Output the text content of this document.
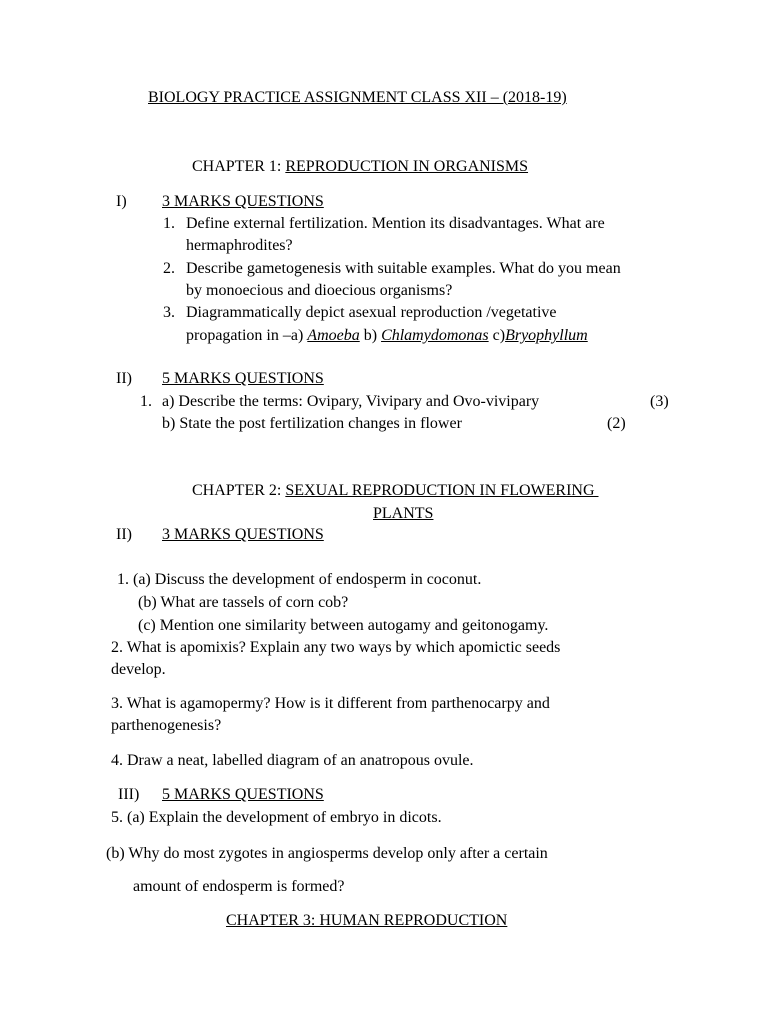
BIOLOGY PRACTICE ASSIGNMENT CLASS XII – (2018-19)
CHAPTER 1: REPRODUCTION IN ORGANISMS
I) 3 MARKS QUESTIONS
1. Define external fertilization. Mention its disadvantages. What are
hermaphrodites?
2. Describe gametogenesis with suitable examples. What do you mean
by monoecious and dioecious organisms?
3. Diagrammatically depict asexual reproduction /vegetative
propagation in –a) Amoeba b) Chlamydomonas c)Bryophyllum
II) 5 MARKS QUESTIONS
1. a) Describe the terms: Ovipary, Vivipary and Ovo-vivipary	(3)
b) State the post fertilization changes in flower	(2)
CHAPTER 2: SEXUAL REPRODUCTION IN FLOWERING
PLANTS
II) 3 MARKS QUESTIONS
1. (a) Discuss the development of endosperm in coconut.
(b) What are tassels of corn cob?
(c) Mention one similarity between autogamy and geitonogamy.
2. What is apomixis? Explain any two ways by which apomictic seeds
develop.
3. What is agamopermy? How is it different from parthenocarpy and
parthenogenesis?
4. Draw a neat, labelled diagram of an anatropous ovule.
III) 5 MARKS QUESTIONS
5. (a) Explain the development of embryo in dicots.
(b) Why do most zygotes in angiosperms develop only after a certain
amount of endosperm is formed?
CHAPTER 3: HUMAN REPRODUCTION
